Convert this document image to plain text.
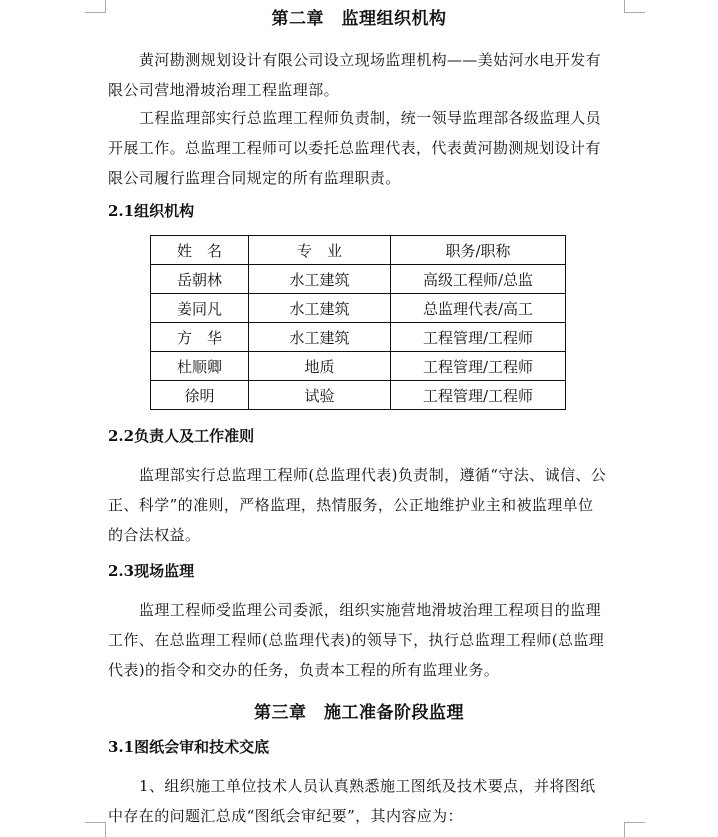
第二章　监理组织机构

黄河勘测规划设计有限公司设立现场监理机构——美姑河水电开发有限公司营地滑坡治理工程监理部。

工程监理部实行总监理工程师负责制，统一领导监理部各级监理人员开展工作。总监理工程师可以委托总监理代表，代表黄河勘测规划设计有限公司履行监理合同规定的所有监理职责。

2.1组织机构
姓　名	专　业	职务/职称
岳朝林	水工建筑	高级工程师/总监
姜同凡	水工建筑	总监理代表/高工
方　华	水工建筑	工程管理/工程师
杜顺卿	地质	工程管理/工程师
徐明	试验	工程管理/工程师
2.2负责人及工作准则

监理部实行总监理工程师(总监理代表)负责制，遵循“守法、诚信、公正、科学”的准则，严格监理，热情服务，公正地维护业主和被监理单位的合法权益。

2.3现场监理

监理工程师受监理公司委派，组织实施营地滑坡治理工程项目的监理工作、在总监理工程师(总监理代表)的领导下，执行总监理工程师(总监理代表)的指令和交办的任务，负责本工程的所有监理业务。

第三章　施工准备阶段监理
3.1图纸会审和技术交底

1、组织施工单位技术人员认真熟悉施工图纸及技术要点，并将图纸中存在的问题汇总成“图纸会审纪要”，其内容应为：
